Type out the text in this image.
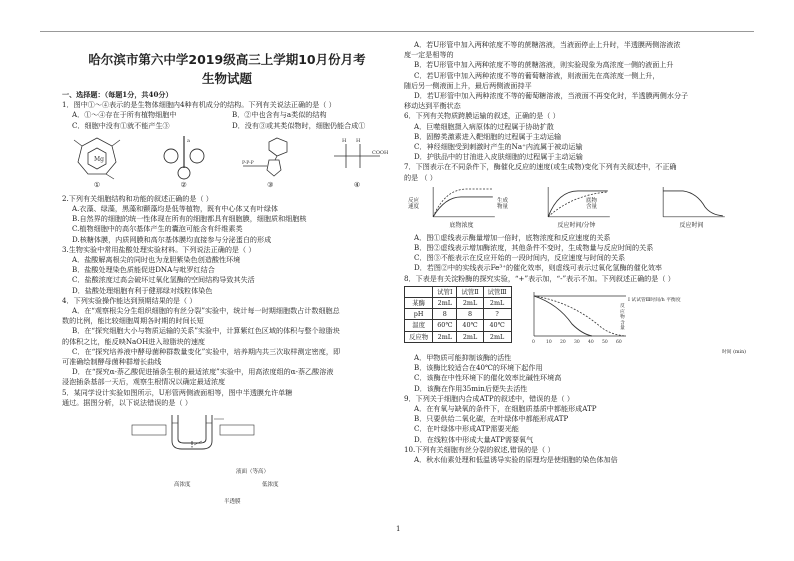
哈尔滨市第六中学2019级高三上学期10月份月考
生物试题
一、选择题：（每题1分，共40分）
1．图中①～④表示的是生物体细胞内4种有机成分的结构。下列有关说法正确的是（ ）
A．①～④存在于所有植物细胞中	B．②中也含有与a类似的结构
C．细胞中没有①就不能产生③	D．没有③或其类似物时，细胞仍能合成①
Mg
①
a
②
P-P-P
③
H H
COOH
④
2.下列有关细胞结构和功能的叙述正确的是（ ）
A.衣藻、绿藻，黑藻和颤藻均是低等植物，既有中心体又有叶绿体
B.自然界的细胞的统一性体现在所有的细胞都具有细胞膜，细胞质和细胞核
C.植物细胞中的高尔基体产生的囊泡可能含有纤维素类
D.核糖体膜，内质网膜和高尔基体膜均直接参与分泌蛋白的形成
3.生物实验中常用盐酸处理实验材料。下列说法正确的是（ ）
A．盐酸解离根尖的同时也为龙胆紫染色创造酸性环境
B．盐酸处理染色质能促进DNA与吡罗红结合
C．盐酸浓度过高会破坏过氧化氢酶的空间结构导致其失活
D．盐酸处理细胞有利于健那绿对线粒体染色
4．下列实验操作能达到预期结果的是（ ）
A．在“观察根尖分生组织细胞的有丝分裂”实验中，统计每一时期细胞数占计数细胞总
数的比例，能比较细胞周期各时期的时间长短
B．在“探究细胞大小与物质运输的关系”实验中，计算紫红色区域的体积与整个琼脂块
的体积之比，能反映NaOH进入琼脂块的速度
C．在“探究培养液中酵母菌种群数量变化”实验中，培养期内共三次取样测定密度，即
可准确绘制酵母菌种群增长曲线
D．在“探究α-萘乙酸促进插条生根的最适浓度”实验中，用高浓度组的α-萘乙酸溶液
浸泡插条基部一天后，观察生根情况以确定最适浓度
5．某同学设计实验如图所示，U形管两侧液面相等，图中半透膜允许单糖
通过。据图分析，以下说法错误的是（ ）
高浓度	低浓度
液面（等高）
半透膜
A．若U形管中加入两种浓度不等的蔗糖溶液，当液面停止上升时，半透膜两侧溶液浓
度一定是相等的
B．若U形管中加入两种浓度不等的蔗糖溶液，则实验现象为高浓度一侧的液面上升
C．若U形管中加入两种浓度不等的葡萄糖溶液，则液面先在高浓度一侧上升，
随后另一侧液面上升，最后两侧液面持平
D．若U形管中加入两种浓度不等的葡萄糖溶液，当液面不再变化时，半透膜两侧水分子
移动达到平衡状态
6．下列有关物质跨膜运输的叙述，正确的是（ ）
A．巨噬细胞摄入病原体的过程属于协助扩散
B．固醇类激素进入靶细胞的过程属于主动运输
C．神经细胞受到刺激时产生的Na⁺内流属于被动运输
D．护肤品中的甘油进入皮肤细胞的过程属于主动运输
7．下图表示在不同条件下，酶催化反应的速度(或生成物)变化下列有关叙述中，不正确
的是 （ ）
底物浓度	反应时间/分钟	反应时间
A．图①虚线表示酶量增加一倍时，底物浓度和反应速度的关系
B．图②虚线表示增加酶浓度，其他条件不变时，生成物量与反应时间的关系
C．图③不能表示在反应开始的一段时间内，反应速度与时间的关系
D．若图②中的实线表示Fe³⁺的催化效率，则虚线可表示过氧化氢酶的催化效率
8．下表是有关淀粉酶的探究实验，“+”表示加，“-”表示不加。下列叙述正确的是（ ）
	试管Ⅰ	试管Ⅱ	试管Ⅲ
某酶	2mL	2mL	2mL
pH	8	8	?
温度	60℃	40℃	40℃
反应物	2mL	2mL	2mL
0 10 20 30 40 50 60
A．甲物质可能抑制该酶的活性
B．该酶比较适合在40℃的环境下起作用
C．该酶在中性环境下的催化效率比碱性环境高
D．该酶在作用35min后便失去活性
9．下列关于细胞内合成ATP的叙述中，错误的是（ ）
A．在有氧与缺氧的条件下，在细胞质基质中都能形成ATP
B．只要供给二氧化碳，在叶绿体中都能形成ATP
C．在叶绿体中形成ATP需要光能
D．在线粒体中形成大量ATP需要氧气
10.下列有关细胞有丝分裂的叙述,错误的是（ ）
A．秋水仙素处理和低温诱导实验的原理均是使细胞的染色体加倍
反应速度
生成物量
底物含量
Ⅰ 试试管Ⅲ时间/h 平衡度
反应物含量
时间 (min)
1
